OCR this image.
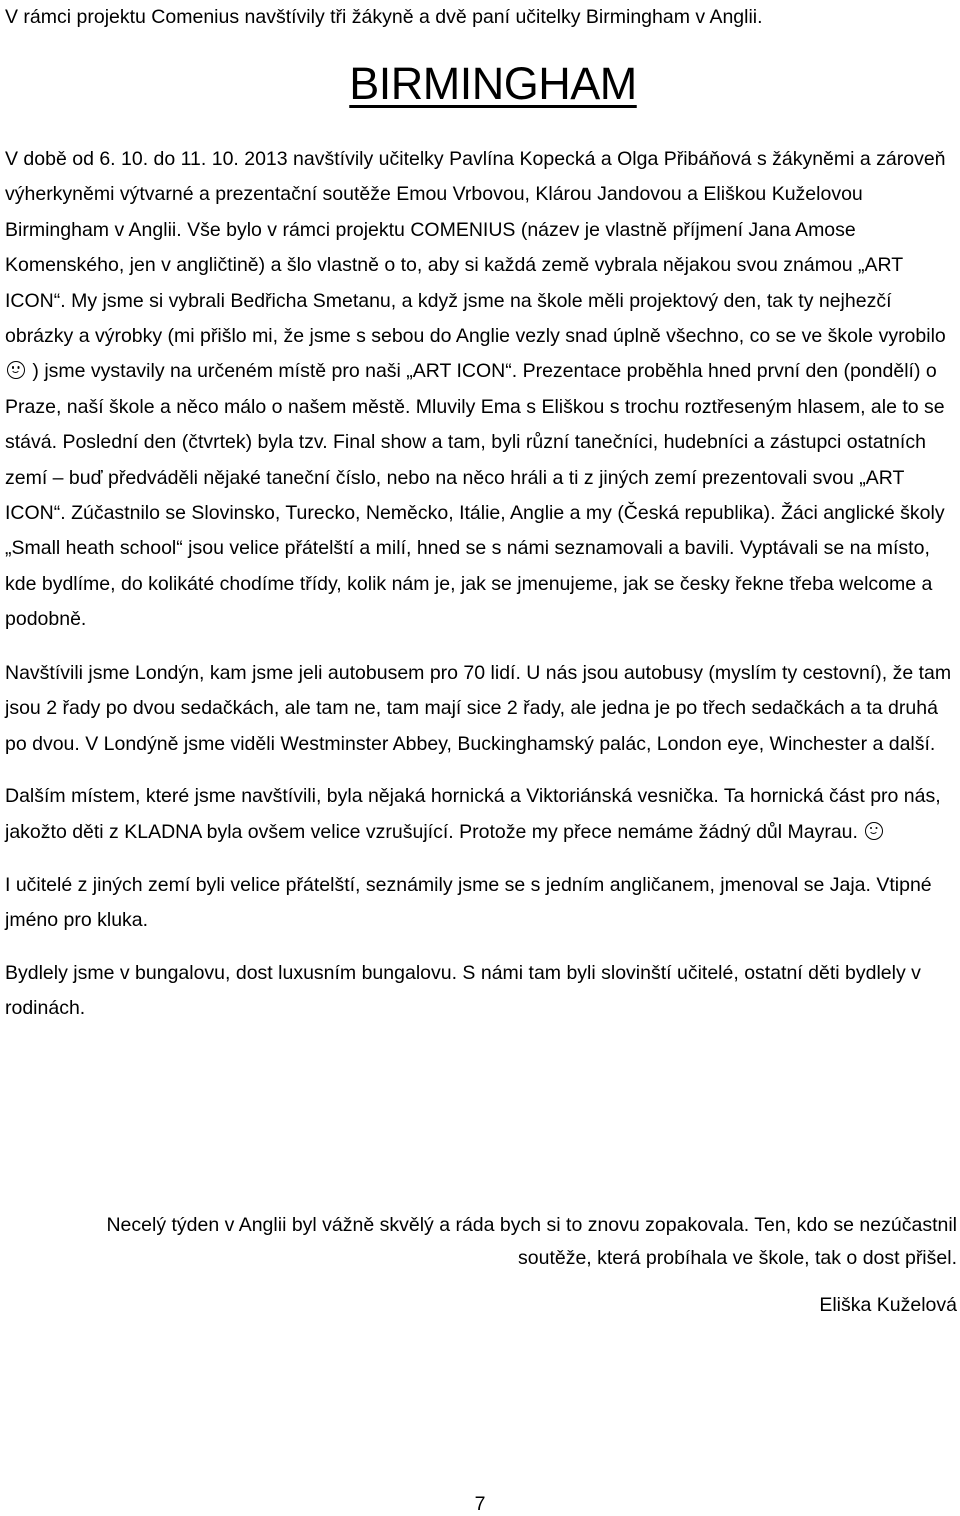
V rámci projektu Comenius navštívily tři žákyně a dvě paní učitelky Birmingham v Anglii.
BIRMINGHAM

V době od 6. 10. do 11. 10. 2013 navštívily učitelky Pavlína Kopecká a Olga Přibáňová s žákyněmi a zároveň výherkyněmi výtvarné a prezentační soutěže Emou Vrbovou, Klárou Jandovou a Eliškou Kuželovou Birmingham v Anglii. Vše bylo v rámci projektu COMENIUS (název je vlastně příjmení Jana Amose Komenského, jen v angličtině) a šlo vlastně o to, aby si každá země vybrala nějakou svou známou „ART ICON“. My jsme si vybrali Bedřicha Smetanu, a když jsme na škole měli projektový den, tak ty nejhezčí obrázky a výrobky (mi přišlo mi, že jsme s sebou do Anglie vezly snad úplně všechno, co se ve škole vyrobilo  ) jsme vystavily na určeném místě pro naši „ART ICON“. Prezentace proběhla hned první den (pondělí) o Praze, naší škole a něco málo o našem městě. Mluvily Ema s Eliškou s trochu roztřeseným hlasem, ale to se stává. Poslední den (čtvrtek) byla tzv. Final show a tam, byli různí tanečníci, hudebníci a zástupci ostatních zemí – buď předváděli nějaké taneční číslo, nebo na něco hráli a ti z jiných zemí prezentovali svou „ART ICON“. Zúčastnilo se Slovinsko, Turecko, Neměcko, Itálie, Anglie a my (Česká republika). Žáci anglické školy „Small heath school“ jsou velice přátelští a milí, hned se s námi seznamovali a bavili. Vyptávali se na místo, kde bydlíme, do kolikáté chodíme třídy, kolik nám je, jak se jmenujeme, jak se česky řekne třeba welcome a podobně.

Navštívili jsme Londýn, kam jsme jeli autobusem pro 70 lidí. U nás jsou autobusy (myslím ty cestovní), že tam jsou 2 řady po dvou sedačkách, ale tam ne, tam mají sice 2 řady, ale jedna je po třech sedačkách a ta druhá po dvou. V Londýně jsme viděli Westminster Abbey, Buckinghamský palác, London eye, Winchester a další.

Dalším místem, které jsme navštívili, byla nějaká hornická a Viktoriánská vesnička. Ta hornická část pro nás, jakožto děti z KLADNA byla ovšem velice vzrušující. Protože my přece nemáme žádný důl Mayrau.

I učitelé z jiných zemí byli velice přátelští, seznámily jsme se s jedním angličanem, jmenoval se Jaja. Vtipné jméno pro kluka.

Bydlely jsme v bungalovu, dost luxusním bungalovu. S námi tam byli slovinští učitelé, ostatní děti bydlely v rodinách.

Necelý týden v Anglii byl vážně skvělý a ráda bych si to znovu zopakovala. Ten, kdo se nezúčastnil soutěže, která probíhala ve škole, tak o dost přišel.
Eliška Kuželová
7
